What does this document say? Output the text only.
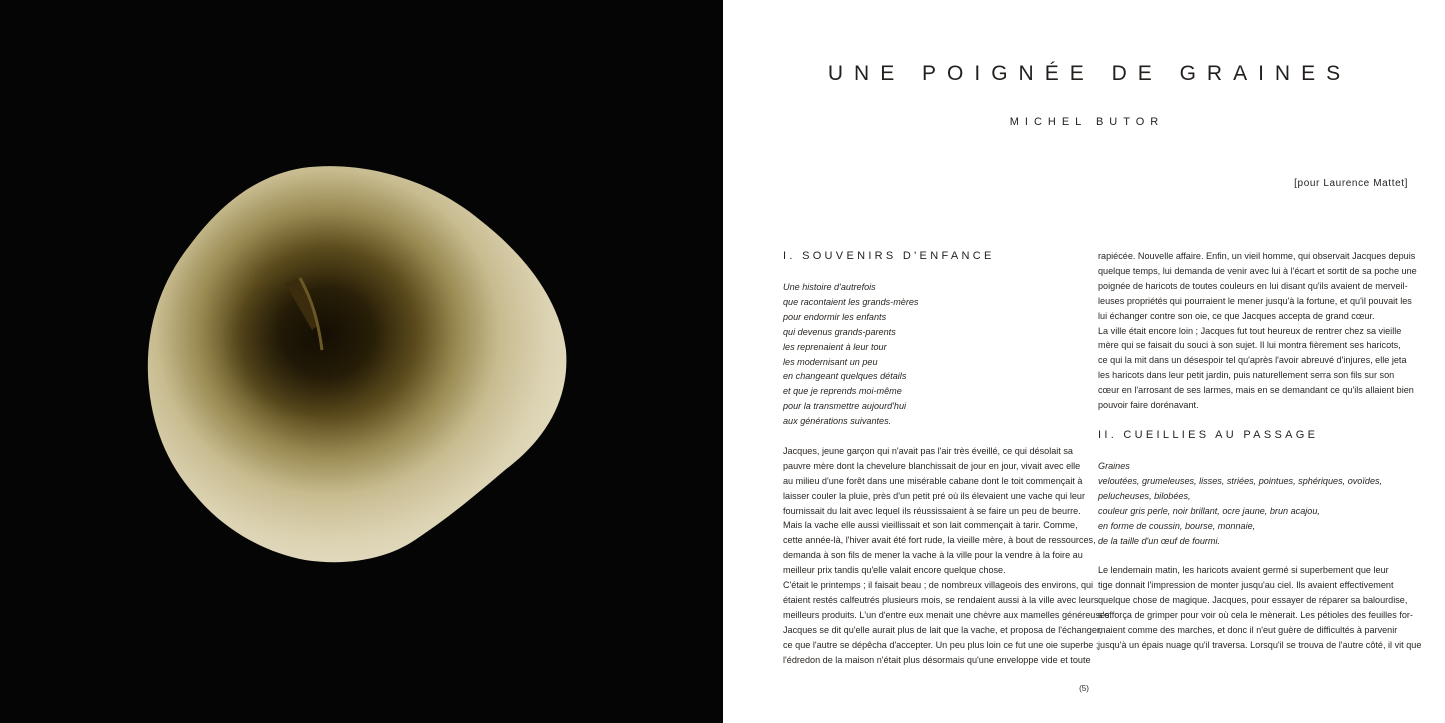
UNE POIGNÉE DE GRAINES
MICHEL BUTOR
[pour Laurence Mattet]
I. SOUVENIRS D'ENFANCE
Une histoire d'autrefois
que racontaient les grands-mères
pour endormir les enfants
qui devenus grands-parents
les reprenaient à leur tour
les modernisant un peu
en changeant quelques détails
et que je reprends moi-même
pour la transmettre aujourd'hui
aux générations suivantes.
Jacques, jeune garçon qui n'avait pas l'air très éveillé, ce qui désolait sa
pauvre mère dont la chevelure blanchissait de jour en jour, vivait avec elle
au milieu d'une forêt dans une misérable cabane dont le toit commençait à
laisser couler la pluie, près d'un petit pré où ils élevaient une vache qui leur
fournissait du lait avec lequel ils réussissaient à se faire un peu de beurre.
Mais la vache elle aussi vieillissait et son lait commençait à tarir. Comme,
cette année-là, l'hiver avait été fort rude, la vieille mère, à bout de ressources,
demanda à son fils de mener la vache à la ville pour la vendre à la foire au
meilleur prix tandis qu'elle valait encore quelque chose.
C'était le printemps ; il faisait beau ; de nombreux villageois des environs, qui
étaient restés calfeutrés plusieurs mois, se rendaient aussi à la ville avec leurs
meilleurs produits. L'un d'entre eux menait une chèvre aux mamelles généreuses.
Jacques se dit qu'elle aurait plus de lait que la vache, et proposa de l'échanger,
ce que l'autre se dépêcha d'accepter. Un peu plus loin ce fut une oie superbe ;
l'édredon de la maison n'était plus désormais qu'une enveloppe vide et toute
rapiécée. Nouvelle affaire. Enfin, un vieil homme, qui observait Jacques depuis
quelque temps, lui demanda de venir avec lui à l'écart et sortit de sa poche une
poignée de haricots de toutes couleurs en lui disant qu'ils avaient de merveil-
leuses propriétés qui pourraient le mener jusqu'à la fortune, et qu'il pouvait les
lui échanger contre son oie, ce que Jacques accepta de grand cœur.
La ville était encore loin ; Jacques fut tout heureux de rentrer chez sa vieille
mère qui se faisait du souci à son sujet. Il lui montra fièrement ses haricots,
ce qui la mit dans un désespoir tel qu'après l'avoir abreuvé d'injures, elle jeta
les haricots dans leur petit jardin, puis naturellement serra son fils sur son
cœur en l'arrosant de ses larmes, mais en se demandant ce qu'ils allaient bien
pouvoir faire dorénavant.
II. CUEILLIES AU PASSAGE
Graines
veloutées, grumeleuses, lisses, striées, pointues, sphériques, ovoïdes,
pelucheuses, bilobées,
couleur gris perle, noir brillant, ocre jaune, brun acajou,
en forme de coussin, bourse, monnaie,
de la taille d'un œuf de fourmi.
Le lendemain matin, les haricots avaient germé si superbement que leur
tige donnait l'impression de monter jusqu'au ciel. Ils avaient effectivement
quelque chose de magique. Jacques, pour essayer de réparer sa balourdise,
s'efforça de grimper pour voir où cela le mènerait. Les pétioles des feuilles for-
maient comme des marches, et donc il n'eut guère de difficultés à parvenir
jusqu'à un épais nuage qu'il traversa. Lorsqu'il se trouva de l'autre côté, il vit que
(5)
